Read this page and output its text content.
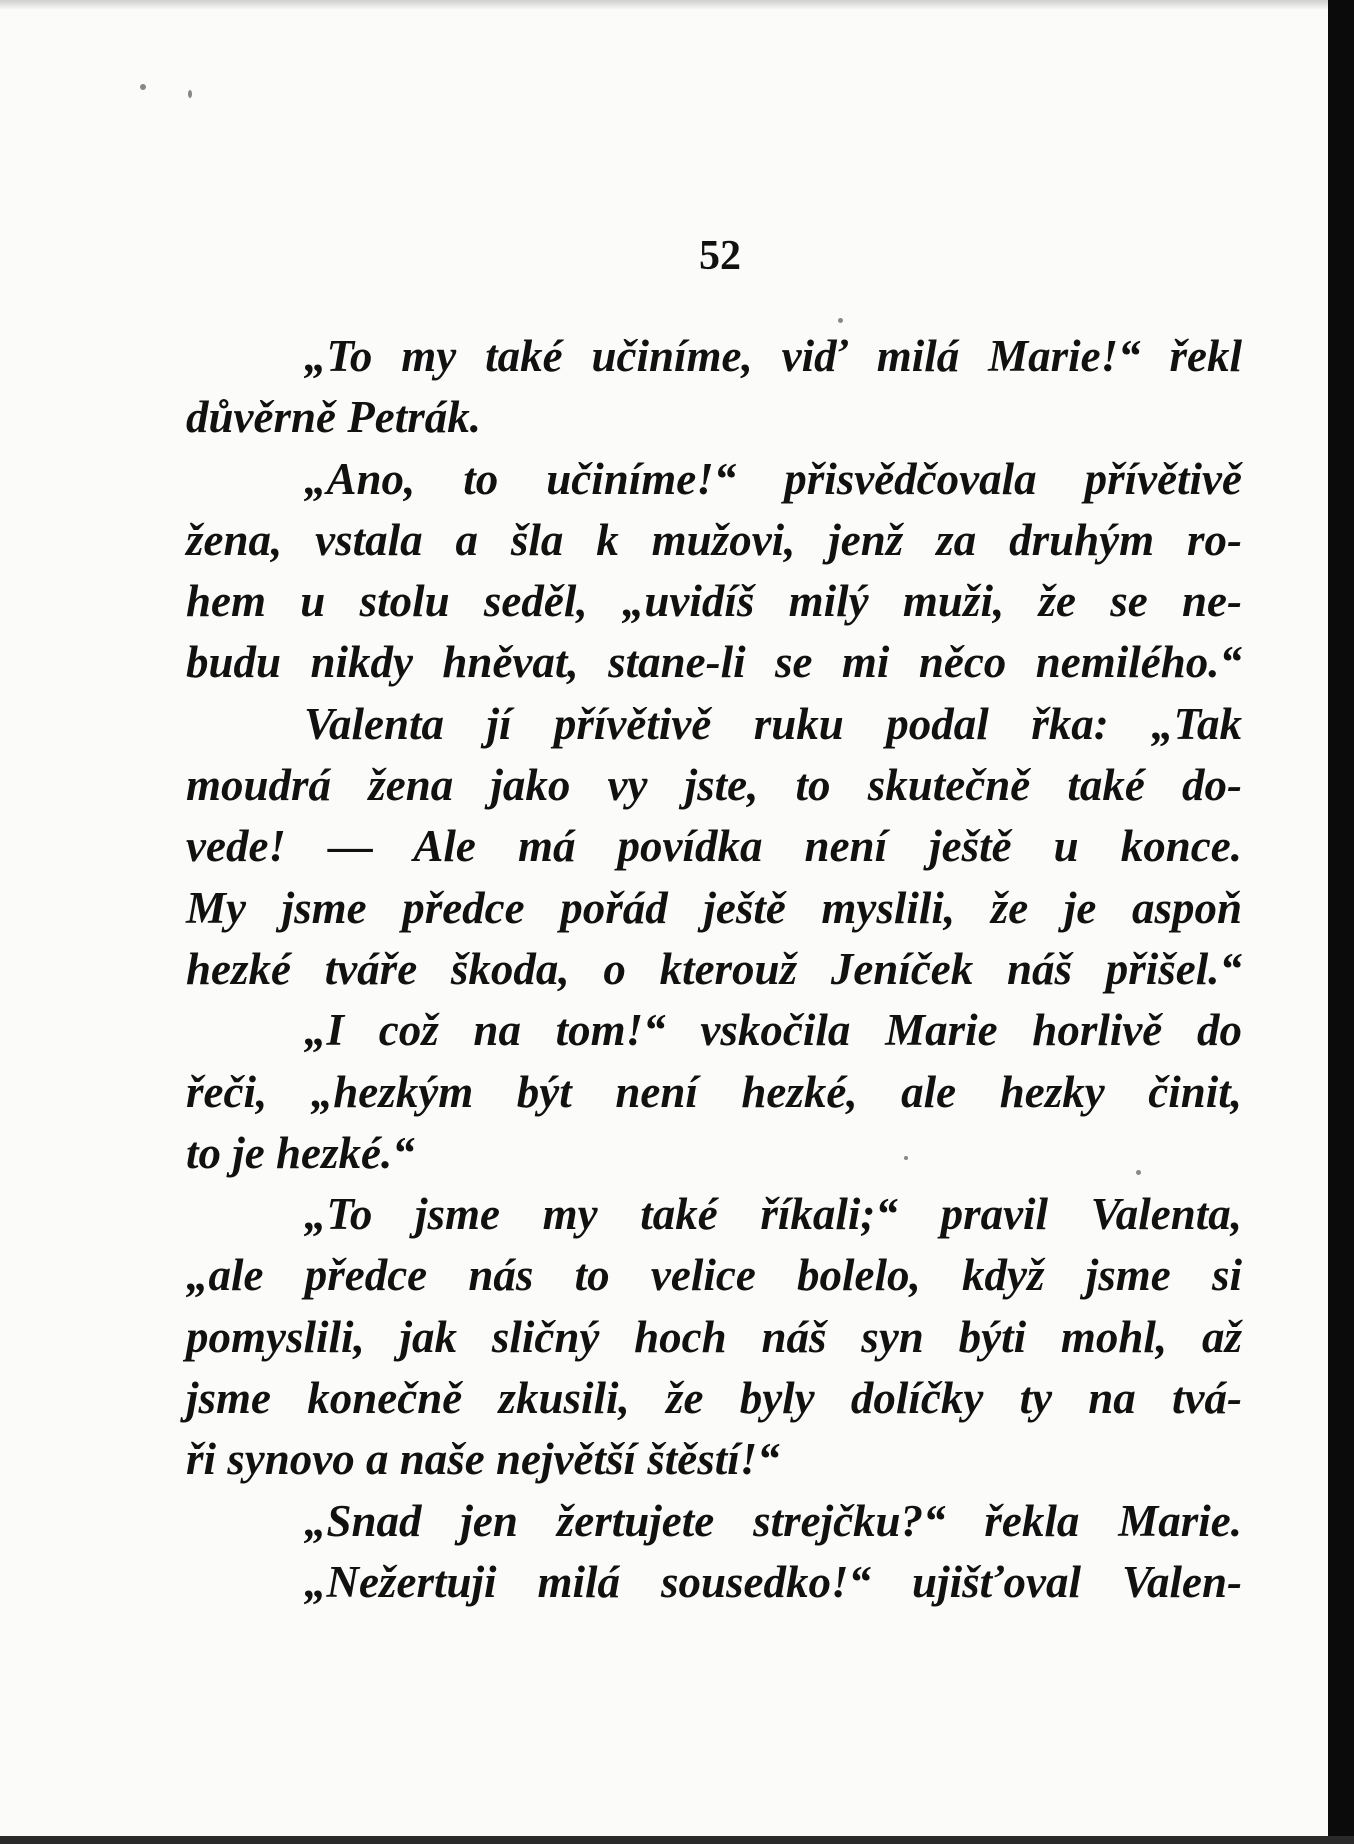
52
„To my také učiníme, viď milá Marie!“ řekl
důvěrně Petrák.
„Ano, to učiníme!“ přisvědčovala přívětivě
žena, vstala a šla k mužovi, jenž za druhým ro-
hem u stolu seděl, „uvidíš milý muži, že se ne-
budu nikdy hněvat, stane-li se mi něco nemilého.“
Valenta jí přívětivě ruku podal řka: „Tak
moudrá žena jako vy jste, to skutečně také do-
vede! — Ale má povídka není ještě u konce.
My jsme předce pořád ještě myslili, že je aspoň
hezké tváře škoda, o kterouž Jeníček náš přišel.“
„I což na tom!“ vskočila Marie horlivě do
řeči, „hezkým být není hezké, ale hezky činit,
to je hezké.“
„To jsme my také říkali;“ pravil Valenta,
„ale předce nás to velice bolelo, když jsme si
pomyslili, jak sličný hoch náš syn býti mohl, až
jsme konečně zkusili, že byly dolíčky ty na tvá-
ři synovo a naše největší štěstí!“
„Snad jen žertujete strejčku?“ řekla Marie.
„Nežertuji milá sousedko!“ ujišťoval Valen-
